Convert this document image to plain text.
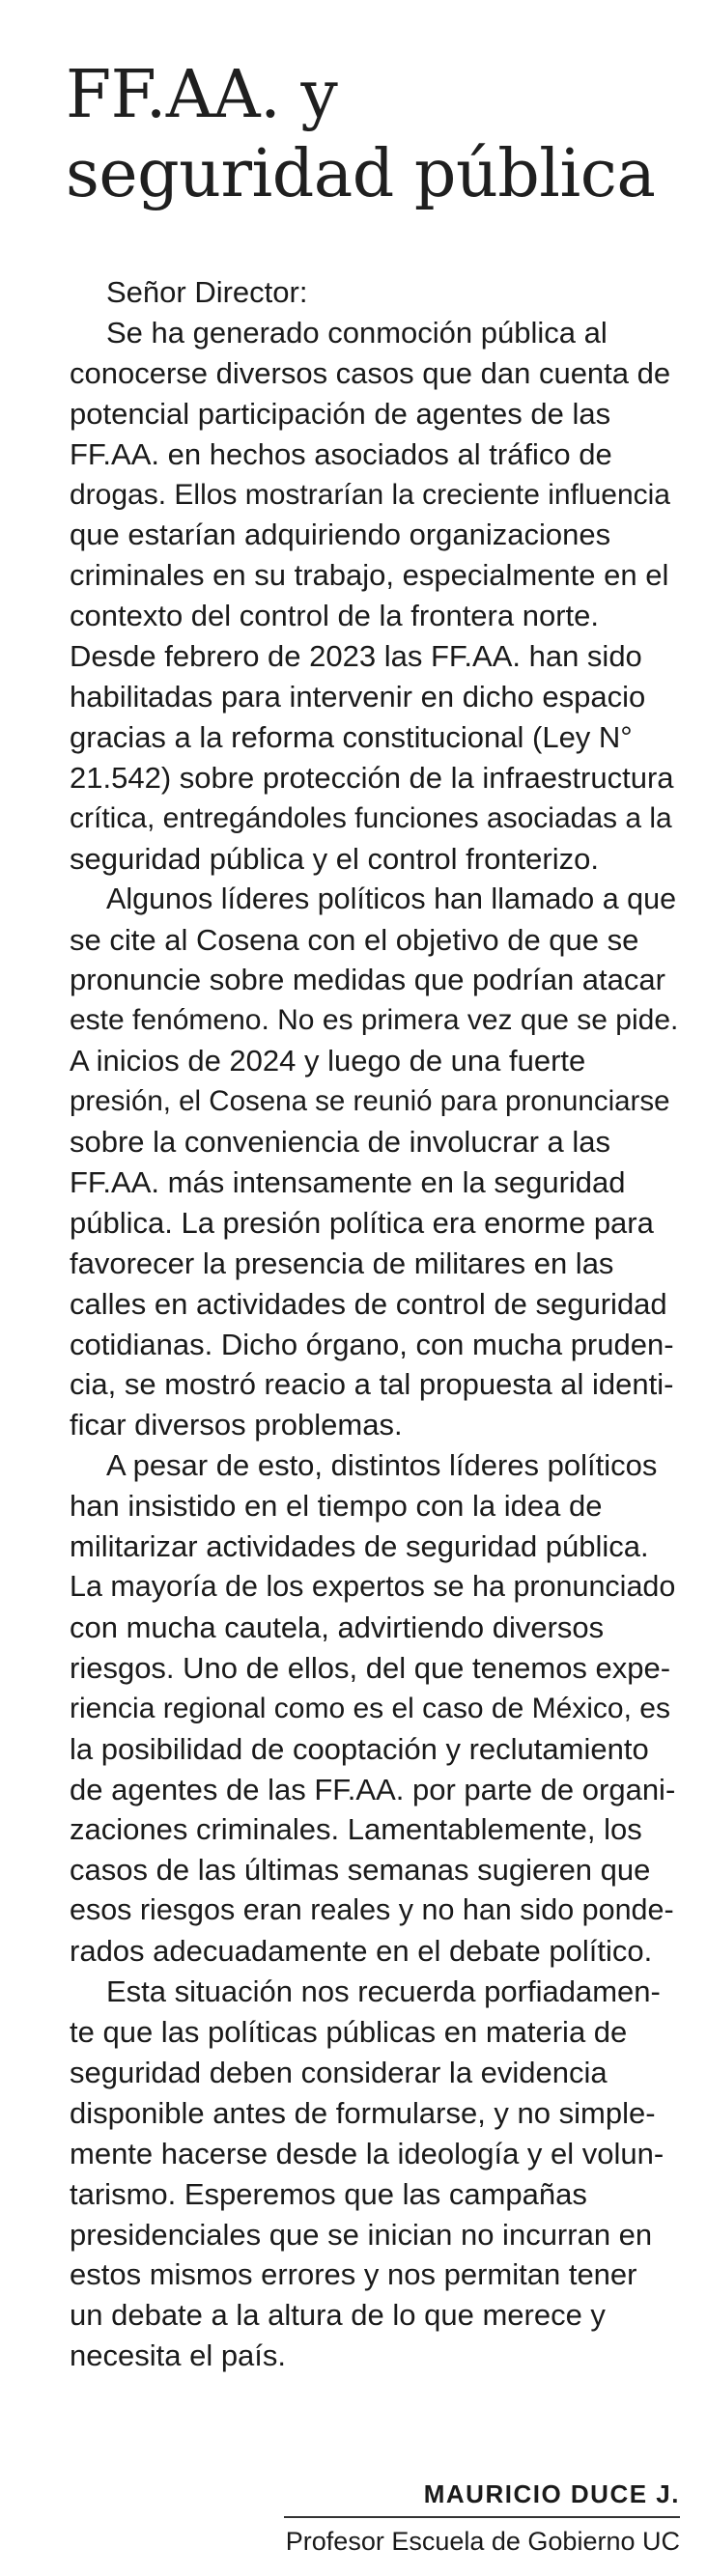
FF.AA. y
seguridad pública
Señor Director:
Se ha generado conmoción pública al
conocerse diversos casos que dan cuenta de
potencial participación de agentes de las
FF.AA. en hechos asociados al tráfico de
drogas. Ellos mostrarían la creciente influencia
que estarían adquiriendo organizaciones
criminales en su trabajo, especialmente en el
contexto del control de la frontera norte.
Desde febrero de 2023 las FF.AA. han sido
habilitadas para intervenir en dicho espacio
gracias a la reforma constitucional (Ley N°
21.542) sobre protección de la infraestructura
crítica, entregándoles funciones asociadas a la
seguridad pública y el control fronterizo.
Algunos líderes políticos han llamado a que
se cite al Cosena con el objetivo de que se
pronuncie sobre medidas que podrían atacar
este fenómeno. No es primera vez que se pide.
A inicios de 2024 y luego de una fuerte
presión, el Cosena se reunió para pronunciarse
sobre la conveniencia de involucrar a las
FF.AA. más intensamente en la seguridad
pública. La presión política era enorme para
favorecer la presencia de militares en las
calles en actividades de control de seguridad
cotidianas. Dicho órgano, con mucha pruden-
cia, se mostró reacio a tal propuesta al identi-
ficar diversos problemas.
A pesar de esto, distintos líderes políticos
han insistido en el tiempo con la idea de
militarizar actividades de seguridad pública.
La mayoría de los expertos se ha pronunciado
con mucha cautela, advirtiendo diversos
riesgos. Uno de ellos, del que tenemos expe-
riencia regional como es el caso de México, es
la posibilidad de cooptación y reclutamiento
de agentes de las FF.AA. por parte de organi-
zaciones criminales. Lamentablemente, los
casos de las últimas semanas sugieren que
esos riesgos eran reales y no han sido ponde-
rados adecuadamente en el debate político.
Esta situación nos recuerda porfiadamen-
te que las políticas públicas en materia de
seguridad deben considerar la evidencia
disponible antes de formularse, y no simple-
mente hacerse desde la ideología y el volun-
tarismo. Esperemos que las campañas
presidenciales que se inician no incurran en
estos mismos errores y nos permitan tener
un debate a la altura de lo que merece y
necesita el país.
MAURICIO DUCE J.
Profesor Escuela de Gobierno UC
